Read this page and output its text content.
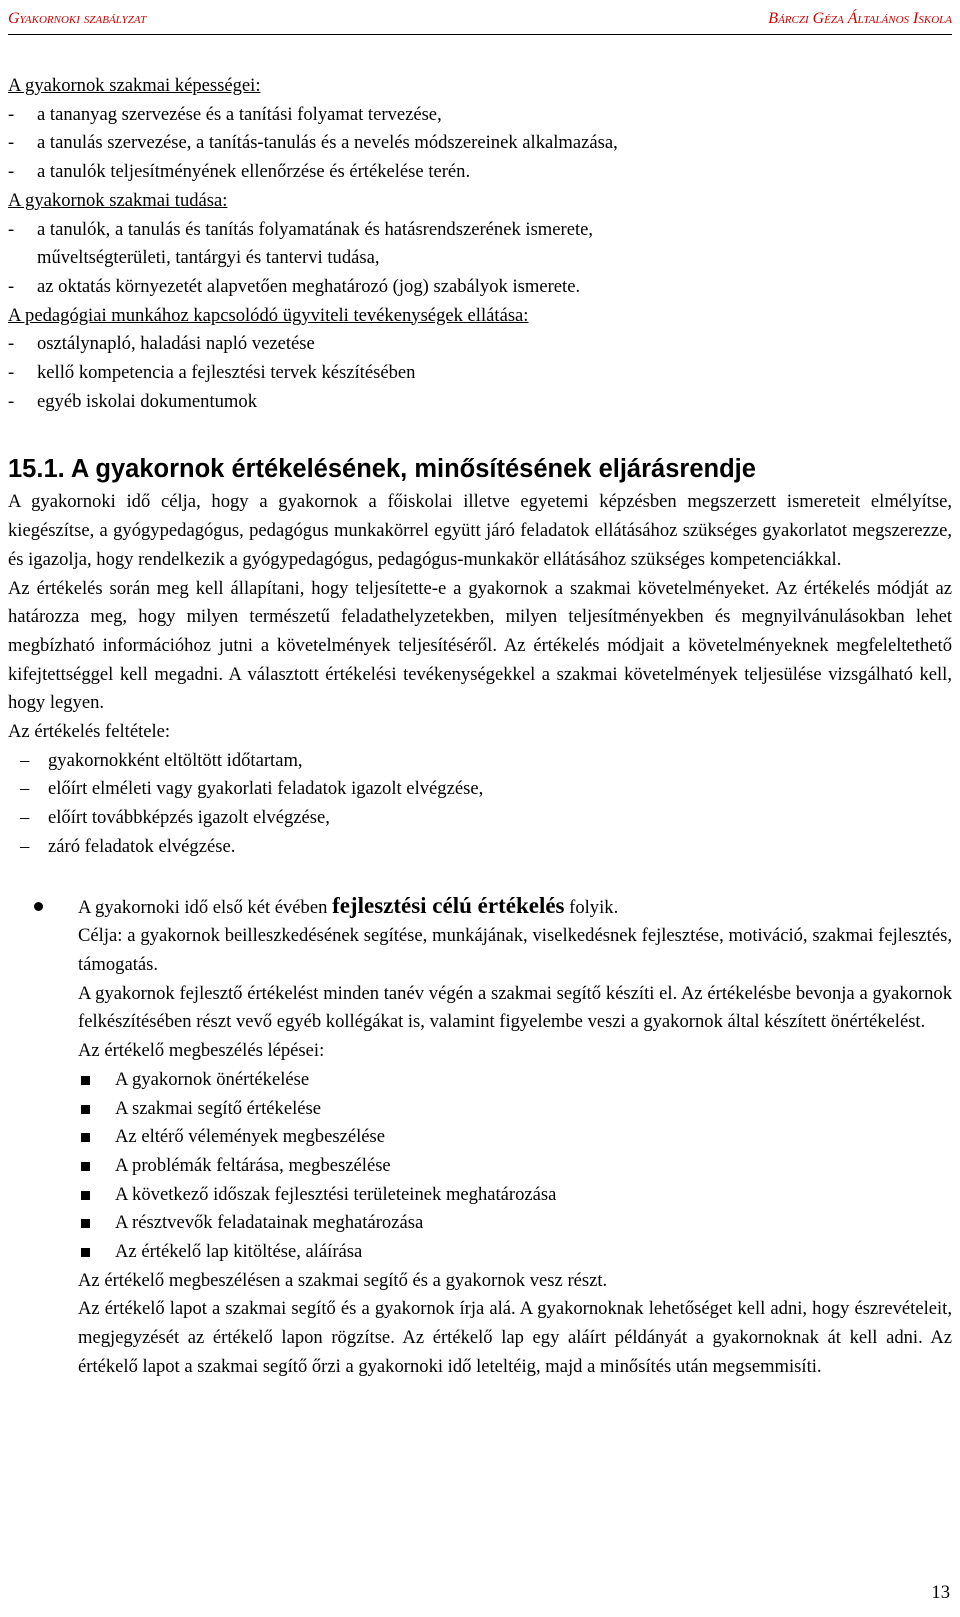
Gyakornoki szabályzat	Bárczi Géza Általános Iskola

A gyakornok szakmai képességei:

- a tananyag szervezése és a tanítási folyamat tervezése,
- a tanulás szervezése, a tanítás-tanulás és a nevelés módszereinek alkalmazása,
- a tanulók teljesítményének ellenőrzése és értékelése terén.

A gyakornok szakmai tudása:

- a tanulók, a tanulás és tanítás folyamatának és hatásrendszerének ismerete,
műveltségterületi, tantárgyi és tantervi tudása,
- az oktatás környezetét alapvetően meghatározó (jog) szabályok ismerete.

A pedagógiai munkához kapcsolódó ügyviteli tevékenységek ellátása:

- osztálynapló, haladási napló vezetése
- kellő kompetencia a fejlesztési tervek készítésében
- egyéb iskolai dokumentumok
15.1. A gyakornok értékelésének, minősítésének eljárásrendje

A gyakornoki idő célja, hogy a gyakornok a főiskolai illetve egyetemi képzésben megszerzett ismereteit elmélyítse, kiegészítse, a gyógypedagógus, pedagógus munkakörrel együtt járó feladatok ellátásához szükséges gyakorlatot megszerezze, és igazolja, hogy rendelkezik a gyógypedagógus, pedagógus-munkakör ellátásához szükséges kompetenciákkal.

Az értékelés során meg kell állapítani, hogy teljesítette-e a gyakornok a szakmai követelményeket. Az értékelés módját az határozza meg, hogy milyen természetű feladathelyzetekben, milyen teljesítményekben és megnyilvánulásokban lehet megbízható információhoz jutni a követelmények teljesítéséről. Az értékelés módjait a követelményeknek megfeleltethető kifejtettséggel kell megadni. A választott értékelési tevékenységekkel a szakmai követelmények teljesülése vizsgálható kell, hogy legyen.

Az értékelés feltétele:

– gyakornokként eltöltött időtartam,
– előírt elméleti vagy gyakorlati feladatok igazolt elvégzése,
– előírt továbbképzés igazolt elvégzése,
– záró feladatok elvégzése.

A gyakornoki idő első két évében fejlesztési célú értékelés folyik.

Célja: a gyakornok beilleszkedésének segítése, munkájának, viselkedésnek fejlesztése, motiváció, szakmai fejlesztés, támogatás.

A gyakornok fejlesztő értékelést minden tanév végén a szakmai segítő készíti el. Az értékelésbe bevonja a gyakornok felkészítésében részt vevő egyéb kollégákat is, valamint figyelembe veszi a gyakornok által készített önértékelést.

Az értékelő megbeszélés lépései:

A gyakornok önértékelése
A szakmai segítő értékelése
Az eltérő vélemények megbeszélése
A problémák feltárása, megbeszélése
A következő időszak fejlesztési területeinek meghatározása
A résztvevők feladatainak meghatározása
Az értékelő lap kitöltése, aláírása

Az értékelő megbeszélésen a szakmai segítő és a gyakornok vesz részt.

Az értékelő lapot a szakmai segítő és a gyakornok írja alá. A gyakornoknak lehetőséget kell adni, hogy észrevételeit, megjegyzését az értékelő lapon rögzítse. Az értékelő lap egy aláírt példányát a gyakornoknak át kell adni. Az értékelő lapot a szakmai segítő őrzi a gyakornoki idő leteltéig, majd a minősítés után megsemmisíti.

13
